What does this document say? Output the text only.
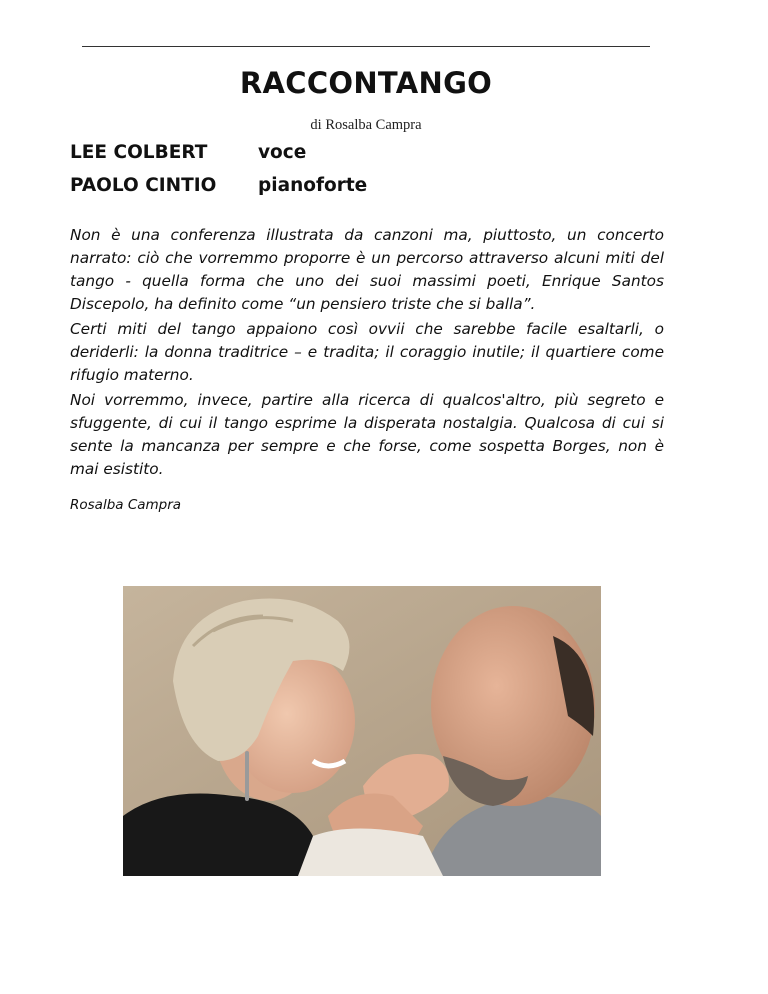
RACCONTANGO
di Rosalba Campra
LEE COLBERT	voce
PAOLO CINTIO pianoforte

Non è una conferenza illustrata da canzoni ma, piuttosto, un concerto narrato: ciò che vorremmo proporre è un percorso attraverso alcuni miti del tango - quella forma che uno dei suoi massimi poeti, Enrique Santos Discepolo, ha definito come “un pensiero triste che si balla”.

Certi miti del tango appaiono così ovvii che sarebbe facile esaltarli, o deriderli: la donna traditrice – e tradita; il coraggio inutile; il quartiere come rifugio materno.

Noi vorremmo, invece, partire alla ricerca di qualcos'altro, più segreto e sfuggente, di cui il tango esprime la disperata nostalgia. Qualcosa di cui si sente la mancanza per sempre e che forse, come sospetta Borges, non è mai esistito.

Rosalba Campra
